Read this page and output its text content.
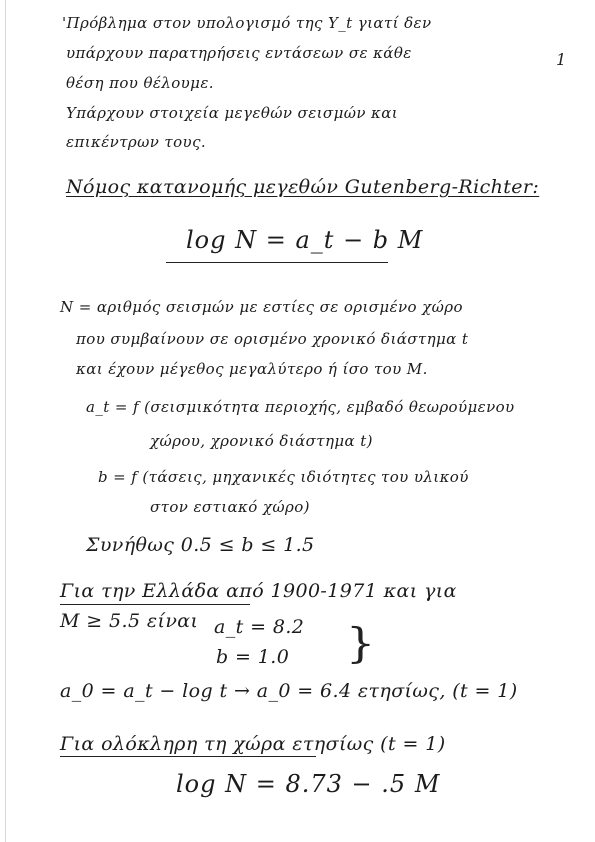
'Πρόβλημα στον υπολογισμό της Y_t γιατί δεν
1
υπάρχουν παρατηρήσεις εντάσεων σε κάθε
θέση που θέλουμε.
Υπάρχουν στοιχεία μεγεθών σεισμών και
επικέντρων τους.
Νόμος κατανομής μεγεθών Gutenberg-Richter:
log N = a_t − b M
N = αριθμός σεισμών με εστίες σε ορισμένο χώρο
που συμβαίνουν σε ορισμένο χρονικό διάστημα t
και έχουν μέγεθος μεγαλύτερο ή ίσο του M.
a_t = f (σεισμικότητα περιοχής, εμβαδό θεωρούμενου
χώρου, χρονικό διάστημα t)
b = f (τάσεις, μηχανικές ιδιότητες του υλικού
στον εστιακό χώρο)
Συνήθως 0.5 ≤ b ≤ 1.5
Για την Ελλάδα από 1900-1971 και για
M ≥ 5.5 είναι a_t = 8.2
b = 1.0 }
a_0 = a_t − log t → a_0 = 6.4 ετησίως, (t = 1)
Για ολόκληρη τη χώρα ετησίως (t = 1)
log N = 8.73 − .5 M
